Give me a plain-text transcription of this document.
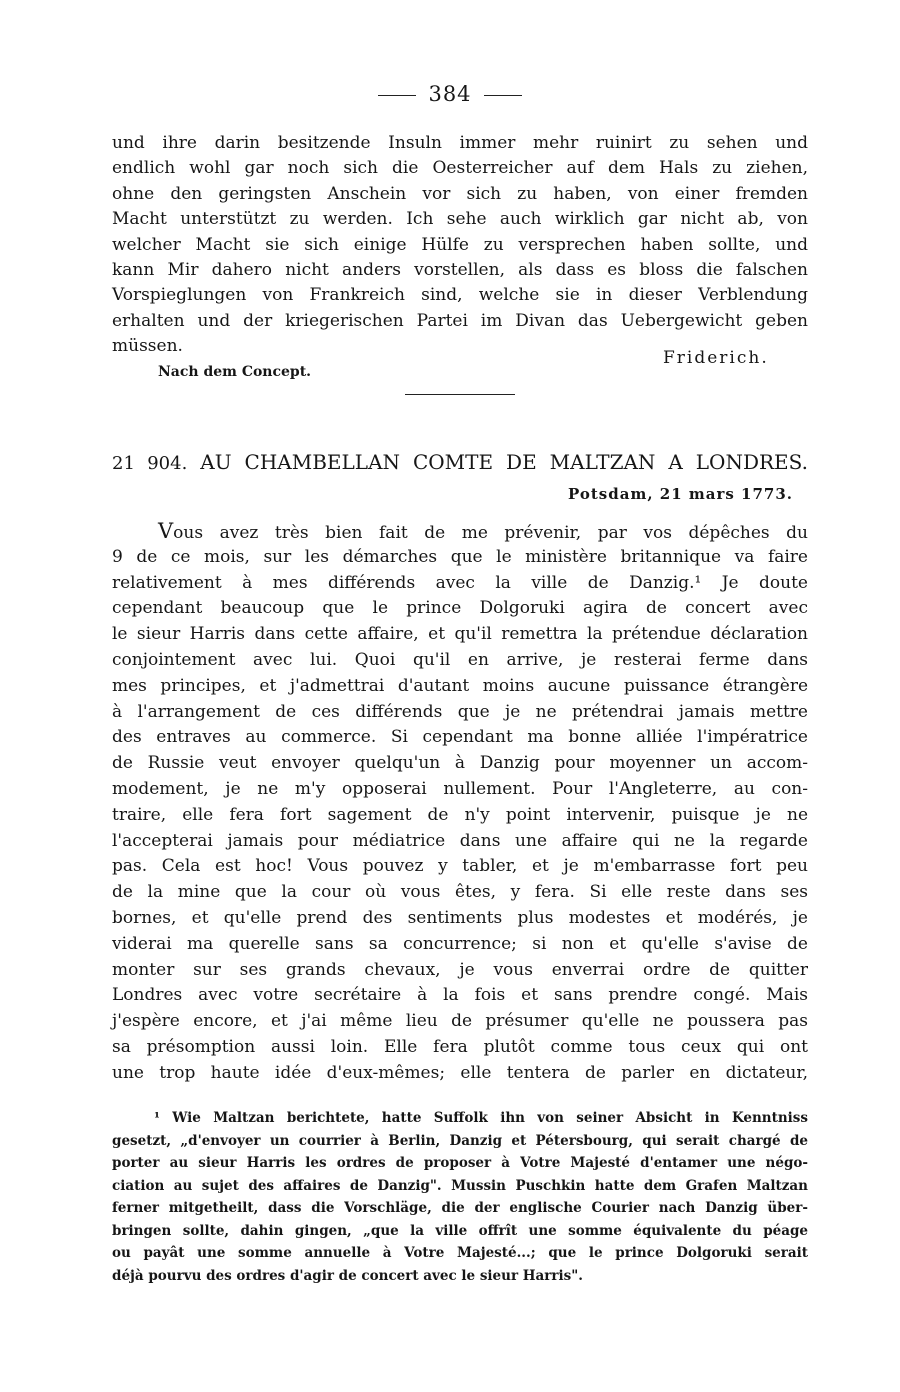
384
und ihre darin besitzende Insuln immer mehr ruinirt zu sehen und
endlich wohl gar noch sich die Oesterreicher auf dem Hals zu ziehen,
ohne den geringsten Anschein vor sich zu haben, von einer fremden
Macht unterstützt zu werden. Ich sehe auch wirklich gar nicht ab, von
welcher Macht sie sich einige Hülfe zu versprechen haben sollte, und
kann Mir dahero nicht anders vorstellen, als dass es bloss die falschen
Vorspieglungen von Frankreich sind, welche sie in dieser Verblendung
erhalten und der kriegerischen Partei im Divan das Uebergewicht geben
müssen.
Friderich.
Nach dem Concept.
21 904. AU CHAMBELLAN COMTE DE MALTZAN A LONDRES.
Potsdam, 21 mars 1773.
Vous avez très bien fait de me prévenir, par vos dépêches du
9 de ce mois, sur les démarches que le ministère britannique va faire
relativement à mes différends avec la ville de Danzig.¹ Je doute
cependant beaucoup que le prince Dolgoruki agira de concert avec
le sieur Harris dans cette affaire, et qu'il remettra la prétendue déclaration
conjointement avec lui. Quoi qu'il en arrive, je resterai ferme dans
mes principes, et j'admettrai d'autant moins aucune puissance étrangère
à l'arrangement de ces différends que je ne prétendrai jamais mettre
des entraves au commerce. Si cependant ma bonne alliée l'impératrice
de Russie veut envoyer quelqu'un à Danzig pour moyenner un accom-
modement, je ne m'y opposerai nullement. Pour l'Angleterre, au con-
traire, elle fera fort sagement de n'y point intervenir, puisque je ne
l'accepterai jamais pour médiatrice dans une affaire qui ne la regarde
pas. Cela est hoc! Vous pouvez y tabler, et je m'embarrasse fort peu
de la mine que la cour où vous êtes, y fera. Si elle reste dans ses
bornes, et qu'elle prend des sentiments plus modestes et modérés, je
viderai ma querelle sans sa concurrence; si non et qu'elle s'avise de
monter sur ses grands chevaux, je vous enverrai ordre de quitter
Londres avec votre secrétaire à la fois et sans prendre congé. Mais
j'espère encore, et j'ai même lieu de présumer qu'elle ne poussera pas
sa présomption aussi loin. Elle fera plutôt comme tous ceux qui ont
une trop haute idée d'eux-mêmes; elle tentera de parler en dictateur,
¹ Wie Maltzan berichtete, hatte Suffolk ihn von seiner Absicht in Kenntniss
gesetzt, „d'envoyer un courrier à Berlin, Danzig et Pétersbourg, qui serait chargé de
porter au sieur Harris les ordres de proposer à Votre Majesté d'entamer une négo-
ciation au sujet des affaires de Danzig". Mussin Puschkin hatte dem Grafen Maltzan
ferner mitgetheilt, dass die Vorschläge, die der englische Courier nach Danzig über-
bringen sollte, dahin gingen, „que la ville offrît une somme équivalente du péage
ou payât une somme annuelle à Votre Majesté...; que le prince Dolgoruki serait
déjà pourvu des ordres d'agir de concert avec le sieur Harris".
